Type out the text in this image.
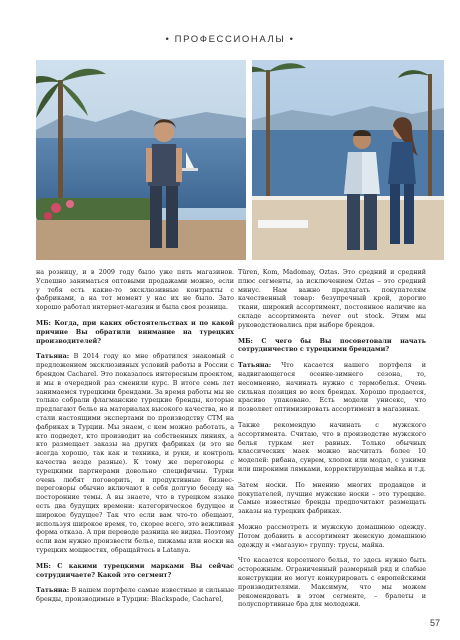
• ПРОФЕССИОНАЛЫ •

на розницу, и в 2009 году было уже пять магазинов. Успешно заниматься оптовыми продажами можно, если у тебя есть какие-то эксклюзивные контракты с фабриками, а на тот момент у нас их не было. Зато хорошо работал интернет-магазин и была своя розница.

МБ: Когда, при каких обстоятельствах и по какой причине Вы обратили внимание на турецких производителей?

Татьяна: В 2014 году ко мне обратился знакомый с предложением эксклюзивных условий работы в России с брендом Cacharel. Это показалось интересным проектом, и мы в очередной раз сменили курс. В итоге семь лет занимаемся турецкими брендами. За время работы мы не только собрали флагманские турецкие бренды, которые предлагают белье на материалах высокого качества, но и стали настоящими экспертами по производству СТМ на фабриках в Турции. Мы знаем, с кем можно работать, а кто подведет, кто производит на собственных линиях, а кто размещает заказы на других фабриках (и это не всегда хорошо, так как и техника, и руки, и контроль качества везде разные). К тому же переговоры с турецкими партнерами довольно специфичны. Турки очень любят поговорить, и продуктивные бизнес-переговоры обычно включают в себя долгую беседу на посторонние темы. А вы знаете, что в турецком языке есть два будущих времени: категорическое будущее и широкое будущее? Так что если вам что-то обещают, используя широкое время, то, скорее всего, это вежливая форма отказа. А при переводе разница не видна. Поэтому если вам нужно произвести белье, пижамы или носки на турецких мощностях, обращайтесь в Latanya.

МБ: С какими турецкими марками Вы сейчас сотрудничаете? Какой это сегмент?

Татьяна: В нашем портфеле самые известные и сильные бренды, производимые в Турции: Blackspade, Cacharel,

Türen, Kom, Madomay, Oztas. Это средний и средний плюс сегменты, за исключением Oztas – это средний минус. Нам важно предлагать покупателям качественный товар: безупречный крой, дорогие ткани, широкий ассортимент, постоянное наличие на складе ассортимента never out stock. Этим мы руководствовались при выборе брендов.

МБ: С чего бы Вы посоветовали начать сотрудничество с турецкими брендами?

Татьяна: Что касается нашего портфеля и надвигающегося осенне-зимнего сезона, то, несомненно, начинать нужно с термобелья. Очень сильная позиция во всех брендах. Хорошо продается, красиво упаковано. Есть модели унисекс, что позволяет оптимизировать ассортимент в магазинах.

Также рекомендую начинать с мужского ассортимента. Считаю, что в производстве мужского белья туркам нет равных. Только обычных классических маек можно насчитать более 10 моделей: рибана, суврем, хлопок или модал, с узкими или широкими лямками, корректирующая майка и т.д.

Затем носки. По мнению многих продавцов и покупателей, лучшие мужские носки – это турецкие. Самые известные бренды предпочитают размещать заказы на турецких фабриках.

Можно рассмотреть и мужскую домашнюю одежду. Потом добавить в ассортимент женскую домашнюю одежду и «магазую» группу: трусы, майка.

Что касается корсетного белья, то здесь нужно быть осторожным. Ограниченный размерный ряд и слабые конструкции не могут конкурировать с европейскими производителями. Максимум, что мы можем рекомендовать в этом сегменте, – бралеты и полуспортивные бра для молодежи.

57
